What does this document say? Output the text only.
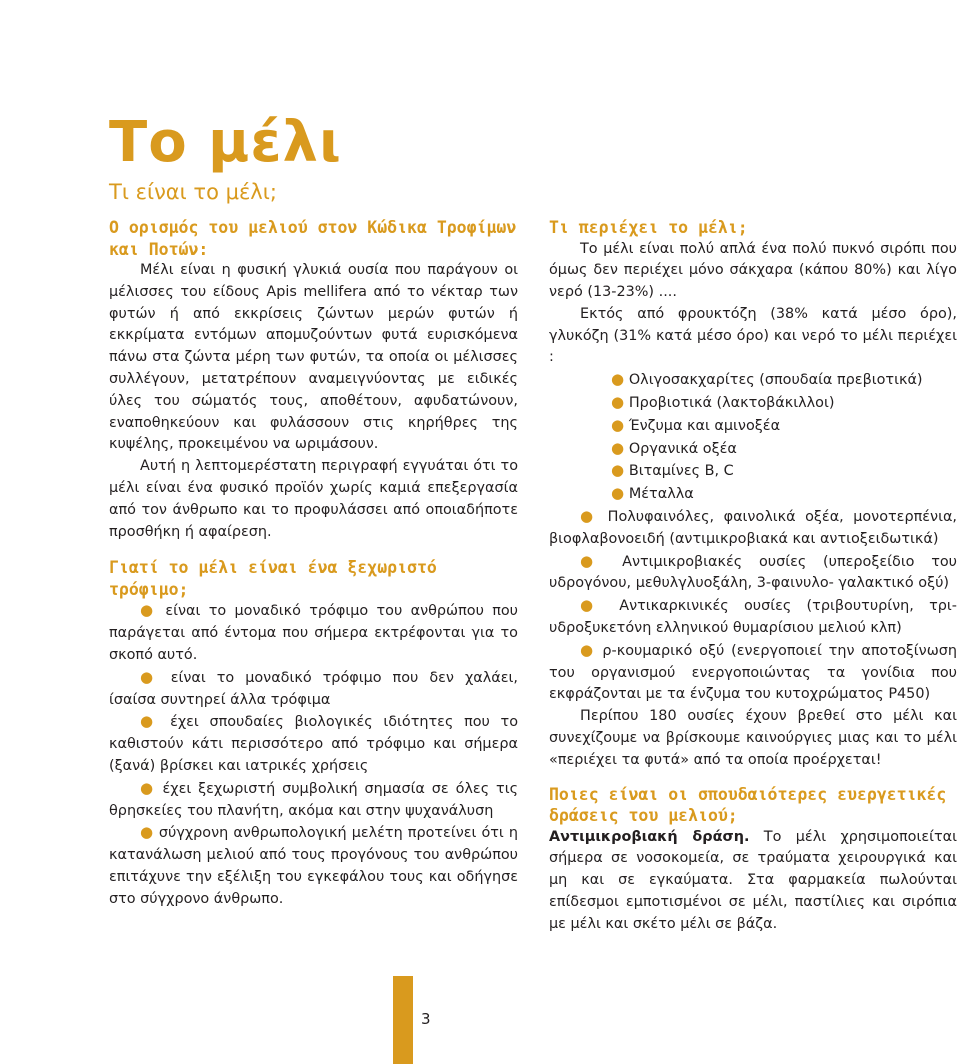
Το μέλι
Τι είναι το μέλι;
Ο ορισμός του μελιού στον Κώδικα Τροφίμων και Ποτών:

Μέλι είναι η φυσική γλυκιά ουσία που παράγουν οι μέλισσες του είδους Apis mellifera από το νέκταρ των φυτών ή από εκκρίσεις ζώντων μερών φυτών ή εκκρίματα εντόμων απομυζούντων φυτά ευρισκόμενα πάνω στα ζώντα μέρη των φυτών, τα οποία οι μέλισσες συλλέγουν, μετατρέπουν αναμειγνύοντας με ειδικές ύλες του σώματός τους, αποθέτουν, αφυδατώνουν, εναποθηκεύουν και φυλάσσουν στις κηρήθρες της κυψέλης, προκειμένου να ωριμάσουν.

Αυτή η λεπτομερέστατη περιγραφή εγγυάται ότι το μέλι είναι ένα φυσικό προϊόν χωρίς καμιά επεξεργασία από τον άνθρωπο και το προφυλάσσει από οποιαδήποτε προσθήκη ή αφαίρεση.

Γιατί το μέλι είναι ένα ξεχωριστό τρόφιμο;

● είναι το μοναδικό τρόφιμο του ανθρώπου που παράγεται από έντομα που σήμερα εκτρέφονται για το σκοπό αυτό.

● είναι το μοναδικό τρόφιμο που δεν χαλάει, ίσαίσα συντηρεί άλλα τρόφιμα

● έχει σπουδαίες βιολογικές ιδιότητες που το καθιστούν κάτι περισσότερο από τρόφιμο και σήμερα (ξανά) βρίσκει και ιατρικές χρήσεις

● έχει ξεχωριστή συμβολική σημασία σε όλες τις θρησκείες του πλανήτη, ακόμα και στην ψυχανάλυση

● σύγχρονη ανθρωπολογική μελέτη προτείνει ότι η κατανάλωση μελιού από τους προγόνους του ανθρώπου επιτάχυνε την εξέλιξη του εγκεφάλου τους και οδήγησε στο σύγχρονο άνθρωπο.

Τι περιέχει το μέλι;

Το μέλι είναι πολύ απλά ένα πολύ πυκνό σιρόπι που όμως δεν περιέχει μόνο σάκχαρα (κάπου 80%) και λίγο νερό (13-23%) ....

Εκτός από φρουκτόζη (38% κατά μέσο όρο), γλυκόζη (31% κατά μέσο όρο) και νερό το μέλι περιέχει :

● Ολιγοσακχαρίτες (σπουδαία πρεβιοτικά)

● Προβιοτικά (λακτοβάκιλλοι)

● Ένζυμα και αμινοξέα

● Οργανικά οξέα

● Βιταμίνες Β, C

● Μέταλλα

● Πολυφαινόλες, φαινολικά οξέα, μονοτερπένια, βιοφλαβονοειδή (αντιμικροβιακά και αντιοξειδωτικά)

● Αντιμικροβιακές ουσίες (υπεροξείδιο του υδρογόνου, μεθυλγλυοξάλη, 3-φαινυλο- γαλακτικό οξύ)

● Αντικαρκινικές ουσίες (τριβουτυρίνη, τρι-υδροξυκετόνη ελληνικού θυμαρίσιου μελιού κλπ)

● ρ-κουμαρικό οξύ (ενεργοποιεί την αποτοξίνωση του οργανισμού ενεργοποιώντας τα γονίδια που εκφράζονται με τα ένζυμα του κυτοχρώματος P450)

Περίπου 180 ουσίες έχουν βρεθεί στο μέλι και συνεχίζουμε να βρίσκουμε καινούργιες μιας και το μέλι «περιέχει τα φυτά» από τα οποία προέρχεται!

Ποιες είναι οι σπουδαιότερες ευεργετικές δράσεις του μελιού;

Αντιμικροβιακή δράση. Το μέλι χρησιμοποιείται σήμερα σε νοσοκομεία, σε τραύματα χειρουργικά και μη και σε εγκαύματα. Στα φαρμακεία πωλούνται επίδεσμοι εμποτισμένοι σε μέλι, παστίλιες και σιρόπια με μέλι και σκέτο μέλι σε βάζα.

3
